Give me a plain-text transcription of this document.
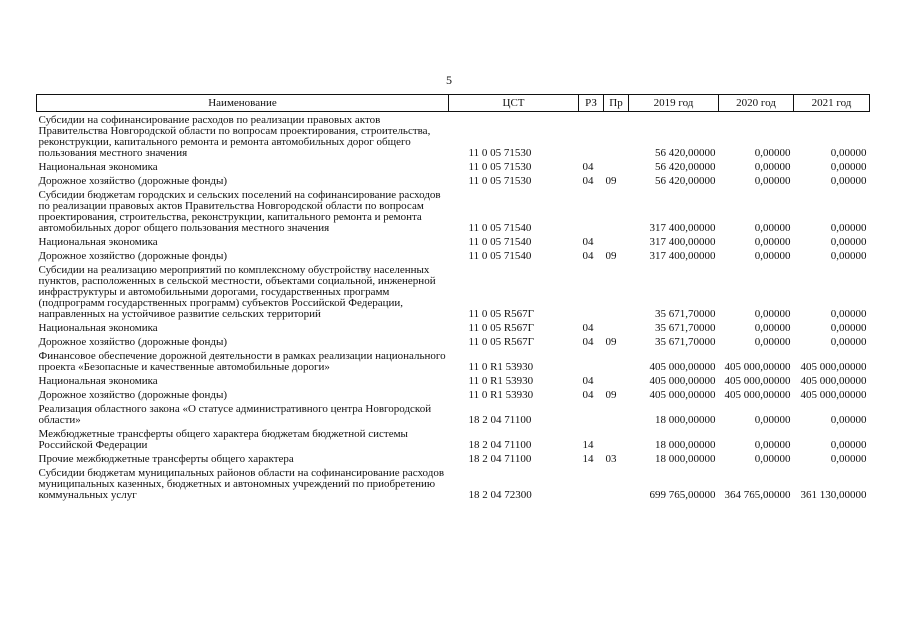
5
Наименование	ЦСТ	РЗ	Пр	2019 год	2020 год	2021 год
Субсидии на софинансирование расходов по реализации правовых актов Правительства Новгородской области по вопросам проектирования, строительства, реконструкции, капитального ремонта и ремонта автомобильных дорог общего пользования местного значения	11 0 05 71530			56 420,00000	0,00000	0,00000
Национальная экономика	11 0 05 71530	04		56 420,00000	0,00000	0,00000
Дорожное хозяйство (дорожные фонды)	11 0 05 71530	04	09	56 420,00000	0,00000	0,00000
Субсидии бюджетам городских и сельских поселений на софинансирование расходов по реализации правовых актов Правительства Новгородской области по вопросам проектирования, строительства, реконструкции, капитального ремонта и ремонта автомобильных дорог общего пользования местного значения	11 0 05 71540			317 400,00000	0,00000	0,00000
Национальная экономика	11 0 05 71540	04		317 400,00000	0,00000	0,00000
Дорожное хозяйство (дорожные фонды)	11 0 05 71540	04	09	317 400,00000	0,00000	0,00000
Субсидии на реализацию мероприятий по комплексному обустройству населенных пунктов, расположенных в сельской местности, объектами социальной, инженерной инфраструктуры и автомобильными дорогами, государственных программ (подпрограмм государственных программ) субъектов Российской Федерации, направленных на устойчивое развитие сельских территорий	11 0 05 R567Г			35 671,70000	0,00000	0,00000
Национальная экономика	11 0 05 R567Г	04		35 671,70000	0,00000	0,00000
Дорожное хозяйство (дорожные фонды)	11 0 05 R567Г	04	09	35 671,70000	0,00000	0,00000
Финансовое обеспечение дорожной деятельности в рамках реализации национального проекта «Безопасные и качественные автомобильные дороги»	11 0 R1 53930			405 000,00000	405 000,00000	405 000,00000
Национальная экономика	11 0 R1 53930	04		405 000,00000	405 000,00000	405 000,00000
Дорожное хозяйство (дорожные фонды)	11 0 R1 53930	04	09	405 000,00000	405 000,00000	405 000,00000
Реализация областного закона «О статусе административного центра Новгородской области»	18 2 04 71100			18 000,00000	0,00000	0,00000
Межбюджетные трансферты общего характера бюджетам бюджетной системы Российской Федерации	18 2 04 71100	14		18 000,00000	0,00000	0,00000
Прочие межбюджетные трансферты общего характера	18 2 04 71100	14	03	18 000,00000	0,00000	0,00000
Субсидии бюджетам муниципальных районов области на софинансирование расходов муниципальных казенных, бюджетных и автономных учреждений по приобретению коммунальных услуг	18 2 04 72300			699 765,00000	364 765,00000	361 130,00000
